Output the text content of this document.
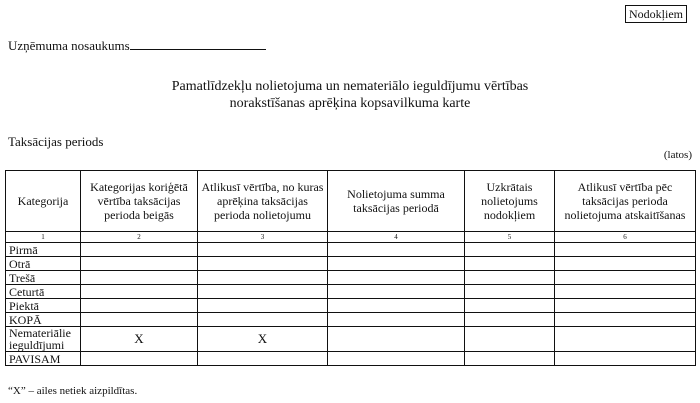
Nodokļiem
Uzņēmuma nosaukums
Pamatlīdzekļu nolietojuma un nemateriālo ieguldījumu vērtības
norakstīšanas aprēķina kopsavilkuma karte
Taksācijas periods
(latos)
Kategorija	Kategorijas koriģētā vērtība taksācijas perioda beigās	Atlikusī vērtība, no kuras aprēķina taksācijas perioda nolietojumu	Nolietojuma summa taksācijas periodā	Uzkrātais nolietojums nodokļiem	Atlikusī vērtība pēc taksācijas perioda nolietojuma atskaitīšanas
1	2	3	4	5	6
Pirmā					
Otrā					
Trešā					
Ceturtā					
Piektā					
KOPĀ					
Nemateriālie ieguldījumi	X	X			
PAVISAM					
“X” – ailes netiek aizpildītas.
